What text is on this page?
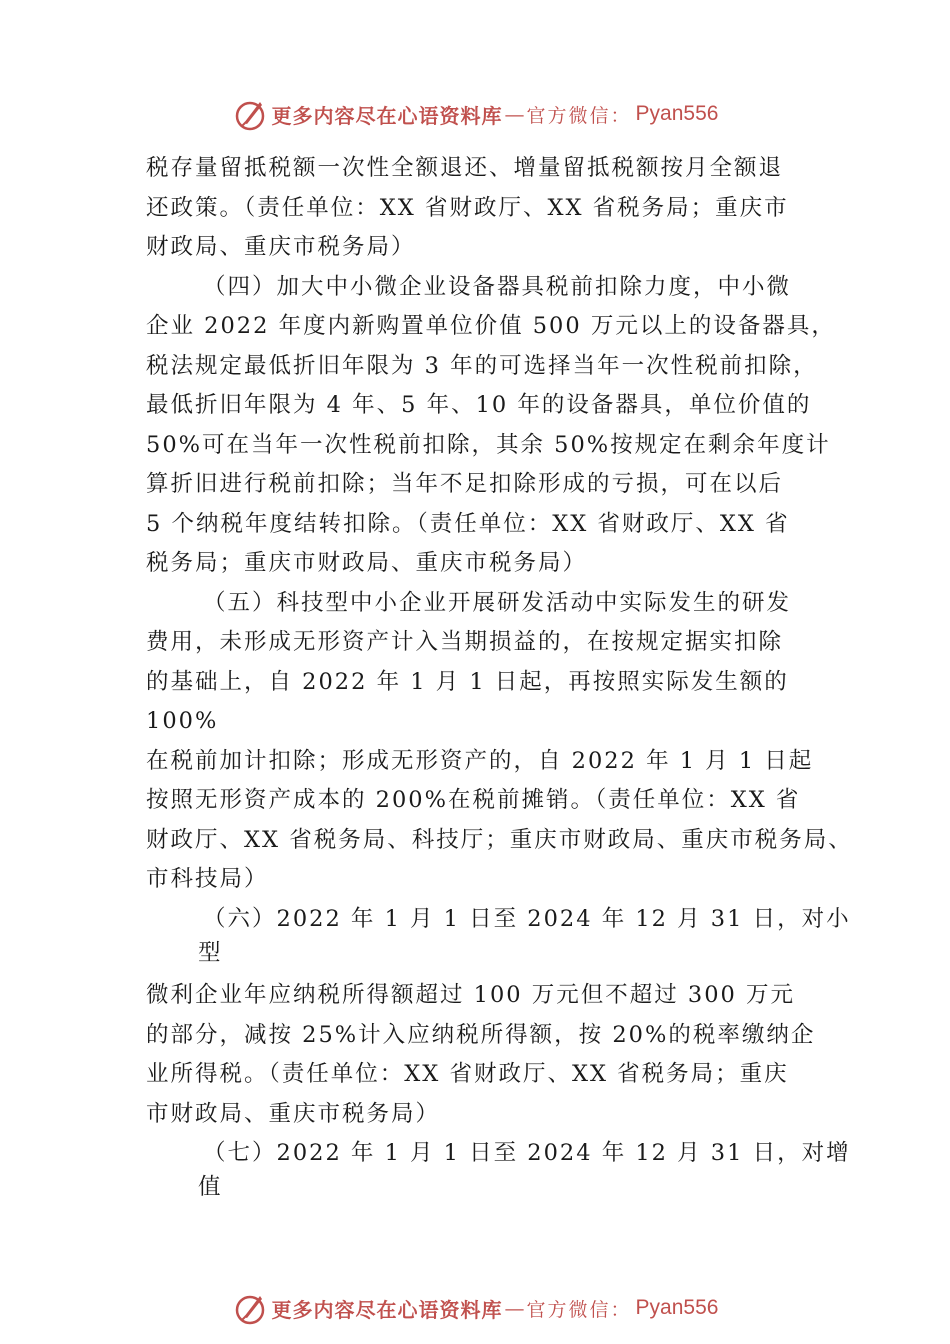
更多内容尽在心语资料库 — 官方微信： Pyan556
税存量留抵税额一次性全额退还、增量留抵税额按月全额退
还政策。（责任单位：XX 省财政厅、XX 省税务局；重庆市
财政局、重庆市税务局）
（四）加大中小微企业设备器具税前扣除力度，中小微
企业 2022 年度内新购置单位价值 500 万元以上的设备器具，
税法规定最低折旧年限为 3 年的可选择当年一次性税前扣除，
最低折旧年限为 4 年、5 年、10 年的设备器具，单位价值的
50%可在当年一次性税前扣除，其余 50%按规定在剩余年度计
算折旧进行税前扣除；当年不足扣除形成的亏损，可在以后
5 个纳税年度结转扣除。（责任单位：XX 省财政厅、XX 省
税务局；重庆市财政局、重庆市税务局）
（五）科技型中小企业开展研发活动中实际发生的研发
费用，未形成无形资产计入当期损益的，在按规定据实扣除
的基础上，自 2022 年 1 月 1 日起，再按照实际发生额的
100%
在税前加计扣除；形成无形资产的，自 2022 年 1 月 1 日起
按照无形资产成本的 200%在税前摊销。（责任单位：XX 省
财政厅、XX 省税务局、科技厅；重庆市财政局、重庆市税务局、
市科技局）
（六）2022 年 1 月 1 日至 2024 年 12 月 31 日，对小
型
微利企业年应纳税所得额超过 100 万元但不超过 300 万元
的部分，减按 25%计入应纳税所得额，按 20%的税率缴纳企
业所得税。（责任单位：XX 省财政厅、XX 省税务局；重庆
市财政局、重庆市税务局）
（七）2022 年 1 月 1 日至 2024 年 12 月 31 日，对增
值
更多内容尽在心语资料库 — 官方微信： Pyan556
